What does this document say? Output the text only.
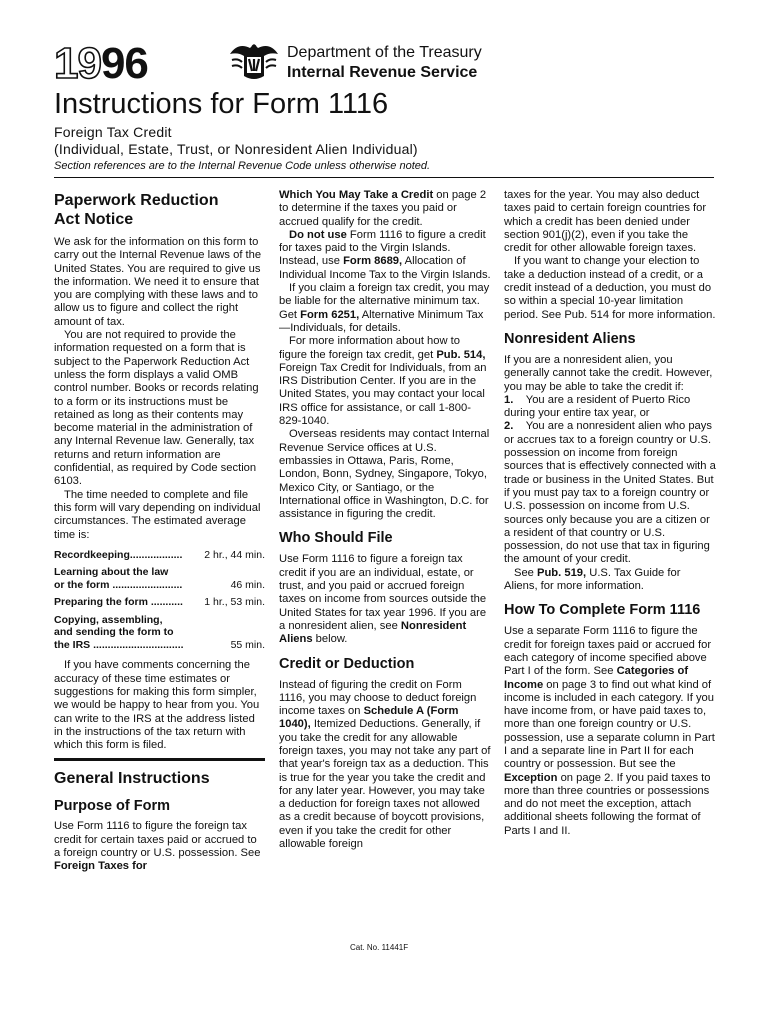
1996	Department of the Treasury
Internal Revenue Service
Instructions for Form 1116
Foreign Tax Credit
(Individual, Estate, Trust, or Nonresident Alien Individual)
Section references are to the Internal Revenue Code unless otherwise noted.
Paperwork Reduction Act Notice

We ask for the information on this form to carry out the Internal Revenue laws of the United States. You are required to give us the information. We need it to ensure that you are complying with these laws and to allow us to figure and collect the right amount of tax.

You are not required to provide the information requested on a form that is subject to the Paperwork Reduction Act unless the form displays a valid OMB control number. Books or records relating to a form or its instructions must be retained as long as their contents may become material in the administration of any Internal Revenue law. Generally, tax returns and return information are confidential, as required by Code section 6103.

The time needed to complete and file this form will vary depending on individual circumstances. The estimated average time is:

Recordkeeping.................. 2 hr., 44 min.
Learning about the law
or the form ........................	46 min.
Preparing the form ........... 1 hr., 53 min.
Copying, assembling,
and sending the form to
the IRS ...............................	55 min.

If you have comments concerning the accuracy of these time estimates or suggestions for making this form simpler, we would be happy to hear from you. You can write to the IRS at the address listed in the instructions of the tax return with which this form is filed.

General Instructions
Purpose of Form

Use Form 1116 to figure the foreign tax credit for certain taxes paid or accrued to a foreign country or U.S. possession. See Foreign Taxes for

Which You May Take a Credit on page 2 to determine if the taxes you paid or accrued qualify for the credit.

Do not use Form 1116 to figure a credit for taxes paid to the Virgin Islands. Instead, use Form 8689, Allocation of Individual Income Tax to the Virgin Islands.

If you claim a foreign tax credit, you may be liable for the alternative minimum tax. Get Form 6251, Alternative Minimum Tax—Individuals, for details.

For more information about how to figure the foreign tax credit, get Pub. 514, Foreign Tax Credit for Individuals, from an IRS Distribution Center. If you are in the United States, you may contact your local IRS office for assistance, or call 1-800-829-1040.

Overseas residents may contact Internal Revenue Service offices at U.S. embassies in Ottawa, Paris, Rome, London, Bonn, Sydney, Singapore, Tokyo, Mexico City, or Santiago, or the International office in Washington, D.C. for assistance in figuring the credit.

Who Should File

Use Form 1116 to figure a foreign tax credit if you are an individual, estate, or trust, and you paid or accrued foreign taxes on income from sources outside the United States for tax year 1996. If you are a nonresident alien, see Nonresident Aliens below.

Credit or Deduction

Instead of figuring the credit on Form 1116, you may choose to deduct foreign income taxes on Schedule A (Form 1040), Itemized Deductions. Generally, if you take the credit for any allowable foreign taxes, you may not take any part of that year's foreign tax as a deduction. This is true for the year you take the credit and for any later year. However, you may take a deduction for foreign taxes not allowed as a credit because of boycott provisions, even if you take the credit for other allowable foreign

taxes for the year. You may also deduct taxes paid to certain foreign countries for which a credit has been denied under section 901(j)(2), even if you take the credit for other allowable foreign taxes.

If you want to change your election to take a deduction instead of a credit, or a credit instead of a deduction, you must do so within a special 10-year limitation period. See Pub. 514 for more information.

Nonresident Aliens

If you are a nonresident alien, you generally cannot take the credit. However, you may be able to take the credit if:

1. You are a resident of Puerto Rico during your entire tax year, or

2. You are a nonresident alien who pays or accrues tax to a foreign country or U.S. possession on income from foreign sources that is effectively connected with a trade or business in the United States. But if you must pay tax to a foreign country or U.S. possession on income from U.S. sources only because you are a citizen or a resident of that country or U.S. possession, do not use that tax in figuring the amount of your credit.

See Pub. 519, U.S. Tax Guide for Aliens, for more information.

How To Complete Form 1116

Use a separate Form 1116 to figure the credit for foreign taxes paid or accrued for each category of income specified above Part I of the form. See Categories of Income on page 3 to find out what kind of income is included in each category. If you have income from, or have paid taxes to, more than one foreign country or U.S. possession, use a separate column in Part I and a separate line in Part II for each country or possession. But see the Exception on page 2. If you paid taxes to more than three countries or possessions and do not meet the exception, attach additional sheets following the format of Parts I and II.

Cat. No. 11441F
